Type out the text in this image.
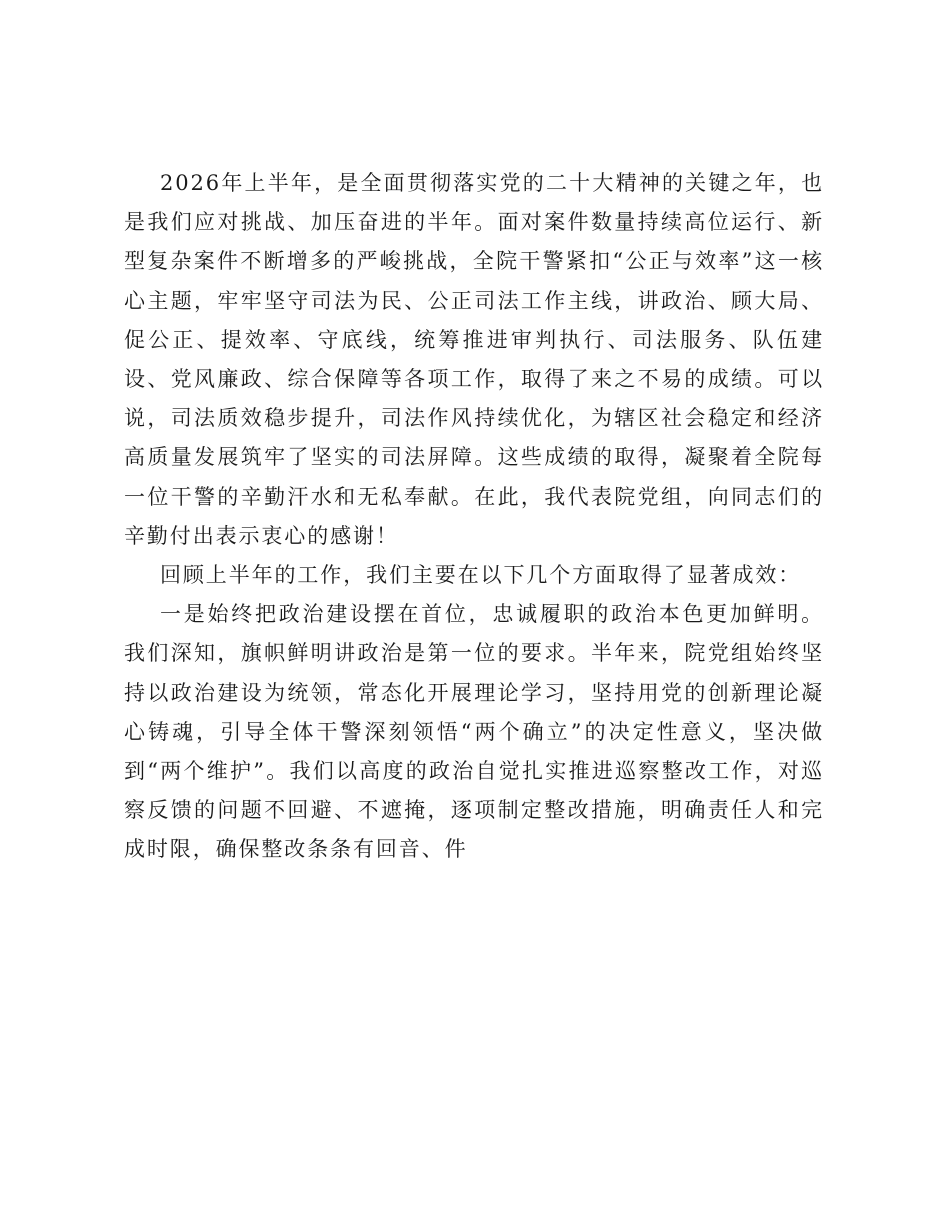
2026年上半年，是全面贯彻落实党的二十大精神的关键之年，也是我们应对挑战、加压奋进的半年。面对案件数量持续高位运行、新型复杂案件不断增多的严峻挑战，全院干警紧扣“公正与效率”这一核心主题，牢牢坚守司法为民、公正司法工作主线，讲政治、顾大局、促公正、提效率、守底线，统筹推进审判执行、司法服务、队伍建设、党风廉政、综合保障等各项工作，取得了来之不易的成绩。可以说，司法质效稳步提升，司法作风持续优化，为辖区社会稳定和经济高质量发展筑牢了坚实的司法屏障。这些成绩的取得，凝聚着全院每一位干警的辛勤汗水和无私奉献。在此，我代表院党组，向同志们的辛勤付出表示衷心的感谢！

回顾上半年的工作，我们主要在以下几个方面取得了显著成效：

一是始终把政治建设摆在首位，忠诚履职的政治本色更加鲜明。我们深知，旗帜鲜明讲政治是第一位的要求。半年来，院党组始终坚持以政治建设为统领，常态化开展理论学习，坚持用党的创新理论凝心铸魂，引导全体干警深刻领悟“两个确立”的决定性意义，坚决做到“两个维护”。我们以高度的政治自觉扎实推进巡察整改工作，对巡察反馈的问题不回避、不遮掩，逐项制定整改措施，明确责任人和完成时限，确保整改条条有回音、件
